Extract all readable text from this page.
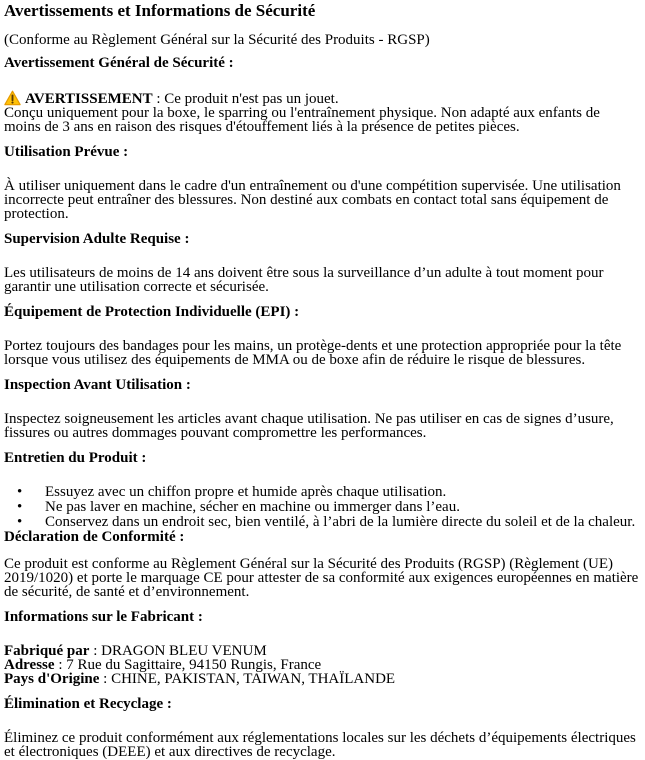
Avertissements et Informations de Sécurité

(Conforme au Règlement Général sur la Sécurité des Produits - RGSP)

Avertissement Général de Sécurité :
AVERTISSEMENT : Ce produit n'est pas un jouet.
Conçu uniquement pour la boxe, le sparring ou l'entraînement physique. Non adapté aux enfants de moins de 3 ans en raison des risques d'étouffement liés à la présence de petites pièces.
Utilisation Prévue :

À utiliser uniquement dans le cadre d'un entraînement ou d'une compétition supervisée. Une utilisation incorrecte peut entraîner des blessures. Non destiné aux combats en contact total sans équipement de protection.

Supervision Adulte Requise :

Les utilisateurs de moins de 14 ans doivent être sous la surveillance d’un adulte à tout moment pour garantir une utilisation correcte et sécurisée.

Équipement de Protection Individuelle (EPI) :

Portez toujours des bandages pour les mains, un protège-dents et une protection appropriée pour la tête lorsque vous utilisez des équipements de MMA ou de boxe afin de réduire le risque de blessures.

Inspection Avant Utilisation :

Inspectez soigneusement les articles avant chaque utilisation. Ne pas utiliser en cas de signes d’usure, fissures ou autres dommages pouvant compromettre les performances.

Entretien du Produit :
• Essuyez avec un chiffon propre et humide après chaque utilisation.
• Ne pas laver en machine, sécher en machine ou immerger dans l’eau.
• Conservez dans un endroit sec, bien ventilé, à l’abri de la lumière directe du soleil et de la chaleur.
Déclaration de Conformité :

Ce produit est conforme au Règlement Général sur la Sécurité des Produits (RGSP) (Règlement (UE) 2019/1020) et porte le marquage CE pour attester de sa conformité aux exigences européennes en matière de sécurité, de santé et d’environnement.

Informations sur le Fabricant :
Fabriqué par : DRAGON BLEU VENUM
Adresse : 7 Rue du Sagittaire, 94150 Rungis, France
Pays d'Origine : CHINE, PAKISTAN, TAIWAN, THAÏLANDE
Élimination et Recyclage :

Éliminez ce produit conformément aux réglementations locales sur les déchets d’équipements électriques et électroniques (DEEE) et aux directives de recyclage.
